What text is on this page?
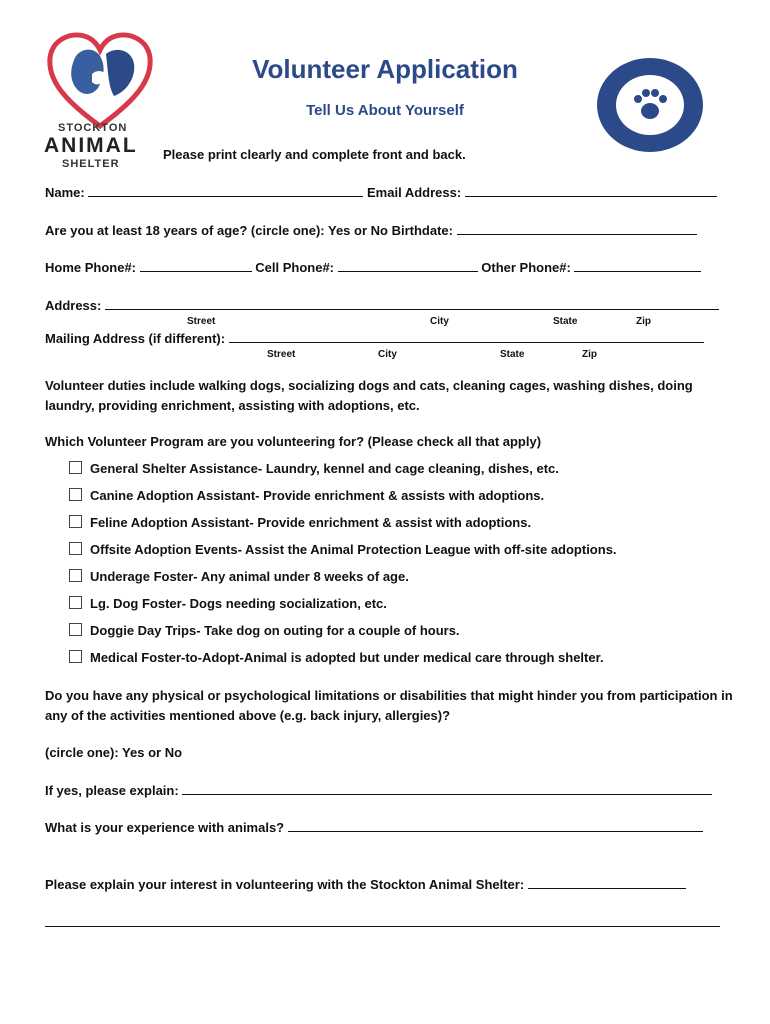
STOCKTON
ANIMAL
SHELTER
Volunteer Application
Tell Us About Yourself
Please print clearly and complete front and back.
Name:	Email Address:
Are you at least 18 years of age? (circle one): Yes or No Birthdate:
Home Phone#:	Cell Phone#:	Other Phone#:
Address:
Street	City	State	Zip
Mailing Address (if different):
Street	City	State	Zip
Volunteer duties include walking dogs, socializing dogs and cats, cleaning cages, washing dishes, doing laundry, providing enrichment, assisting with adoptions, etc.
Which Volunteer Program are you volunteering for? (Please check all that apply)
General Shelter Assistance- Laundry, kennel and cage cleaning, dishes, etc.
Canine Adoption Assistant- Provide enrichment & assists with adoptions.
Feline Adoption Assistant- Provide enrichment & assist with adoptions.
Offsite Adoption Events- Assist the Animal Protection League with off-site adoptions.
Underage Foster- Any animal under 8 weeks of age.
Lg. Dog Foster- Dogs needing socialization, etc.
Doggie Day Trips- Take dog on outing for a couple of hours.
Medical Foster-to-Adopt-Animal is adopted but under medical care through shelter.
Do you have any physical or psychological limitations or disabilities that might hinder you from participation in any of the activities mentioned above (e.g. back injury, allergies)?
(circle one): Yes or No
If yes, please explain:
What is your experience with animals?
Please explain your interest in volunteering with the Stockton Animal Shelter:
